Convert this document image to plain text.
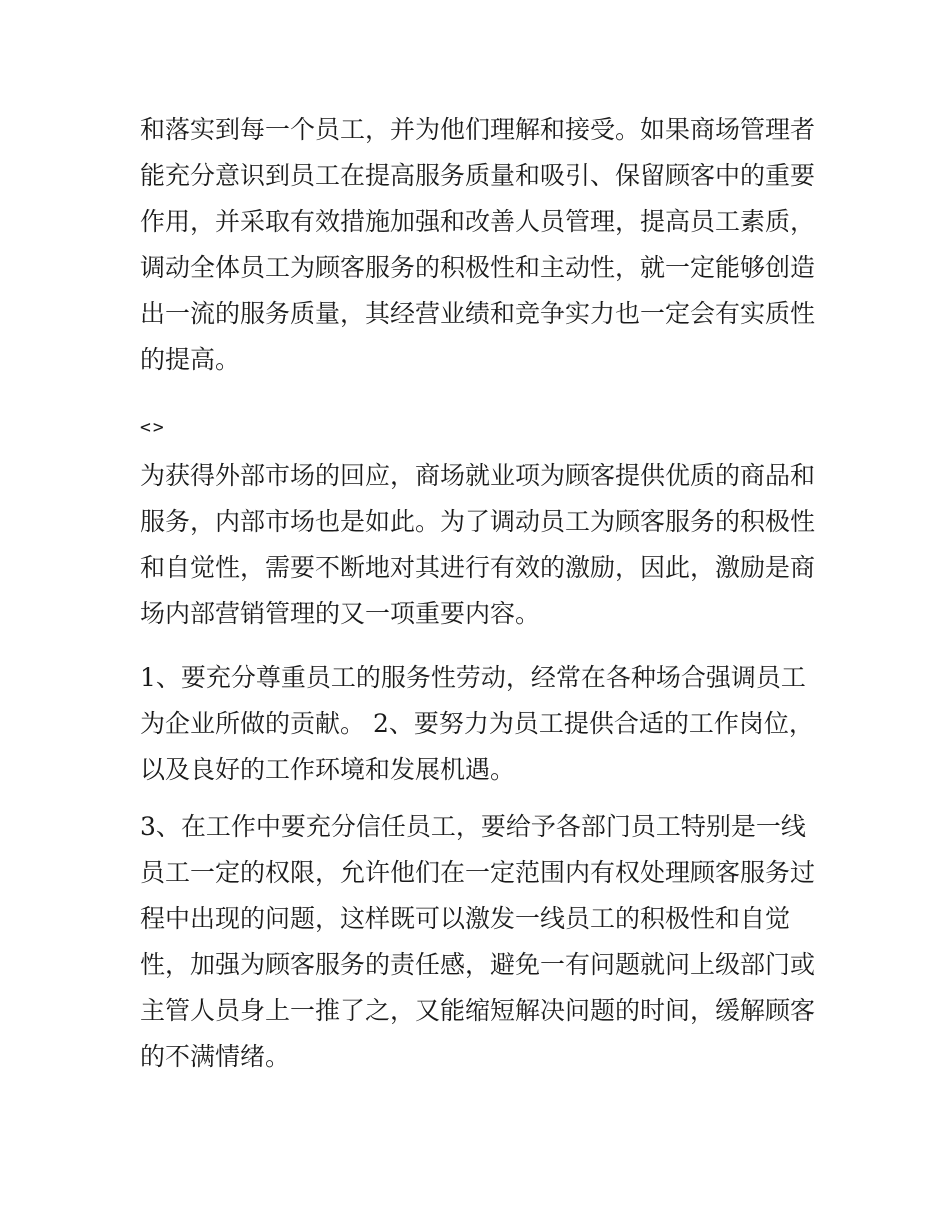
和落实到每一个员工，并为他们理解和接受。如果商场管理者
能充分意识到员工在提高服务质量和吸引、保留顾客中的重要
作用，并采取有效措施加强和改善人员管理，提高员工素质，
调动全体员工为顾客服务的积极性和主动性，就一定能够创造
出一流的服务质量，其经营业绩和竞争实力也一定会有实质性
的提高。
<>
为获得外部市场的回应，商场就业项为顾客提供优质的商品和
服务，内部市场也是如此。为了调动员工为顾客服务的积极性
和自觉性，需要不断地对其进行有效的激励，因此，激励是商
场内部营销管理的又一项重要内容。
1、要充分尊重员工的服务性劳动，经常在各种场合强调员工
为企业所做的贡献。 2、要努力为员工提供合适的工作岗位，
以及良好的工作环境和发展机遇。
3、在工作中要充分信任员工，要给予各部门员工特别是一线
员工一定的权限，允许他们在一定范围内有权处理顾客服务过
程中出现的问题，这样既可以激发一线员工的积极性和自觉
性，加强为顾客服务的责任感，避免一有问题就问上级部门或
主管人员身上一推了之，又能缩短解决问题的时间，缓解顾客
的不满情绪。
